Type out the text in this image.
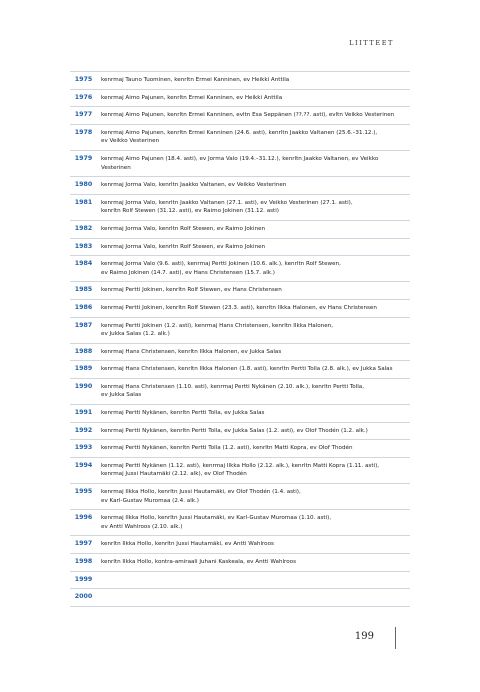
LIITTEET
1975	kenrmaj Tauno Tuominen, kenrltn Ermei Kanninen, ev Heikki Anttila
1976	kenrmaj Aimo Pajunen, kenrltn Ermei Kanninen, ev Heikki Anttila
1977	kenrmaj Aimo Pajunen, kenrltn Ermei Kanninen, evltn Esa Seppänen (??.??. asti), evltn Veikko Vesterinen
1978	kenrmaj Aimo Pajunen, kenrltn Ermei Kanninen (24.6. asti), kenrltn Jaakko Valtanen (25.6.–31.12.),
ev Veikko Vesterinen
1979	kenrmaj Aimo Pajunen (18.4. asti), ev Jorma Valo (19.4.–31.12.), kenrltn Jaakko Valtanen, ev Veikko
Vesterinen
1980	kenrmaj Jorma Valo, kenrltn Jaakko Valtanen, ev Veikko Vesterinen
1981	kenrmaj Jorma Valo, kenrltn Jaakko Valtanen (27.1. asti), ev Veikko Vesterinen (27.1. asti),
kenrltn Rolf Stewen (31.12. asti), ev Raimo Jokinen (31.12. asti)
1982	kenrmaj Jorma Valo, kenrltn Rolf Stewen, ev Raimo Jokinen
1983	kenrmaj Jorma Valo, kenrltn Rolf Stewen, ev Raimo Jokinen
1984	kenrmaj Jorma Valo (9.6. asti), kenrmaj Pertti Jokinen (10.6. alk.), kenrltn Rolf Stewen,
ev Raimo Jokinen (14.7. asti), ev Hans Christensen (15.7. alk.)
1985	kenrmaj Pertti Jokinen, kenrltn Rolf Stewen, ev Hans Christensen
1986	kenrmaj Pertti Jokinen, kenrltn Rolf Stewen (23.3. asti), kenrltn Ilkka Halonen, ev Hans Christensen
1987	kenrmaj Pertti Jokinen (1.2. asti), kenrmaj Hans Christensen, kenrltn Ilkka Halonen,
ev Jukka Salas (1.2. alk.)
1988	kenrmaj Hans Christensen, kenrltn Ilkka Halonen, ev Jukka Salas
1989	kenrmaj Hans Christensen, kenrltn Ilkka Halonen (1.8. asti), kenrltn Pertti Tolla (2.8. alk.), ev Jukka Salas
1990	kenrmaj Hans Christensen (1.10. asti), kenrmaj Pertti Nykänen (2.10. alk.), kenrltn Pertti Tolla,
ev Jukka Salas
1991	kenrmaj Pertti Nykänen, kenrltn Pertti Tolla, ev Jukka Salas
1992	kenrmaj Pertti Nykänen, kenrltn Pertti Tolla, ev Jukka Salas (1.2. asti), ev Olof Thodén (1.2. alk.)
1993	kenrmaj Pertti Nykänen, kenrltn Pertti Tolla (1.2. asti), kenrltn Matti Kopra, ev Olof Thodén
1994	kenrmaj Pertti Nykänen (1.12. asti), kenrmaj Ilkka Hollo (2.12. alk.), kenrltn Matti Kopra (1.11. asti),
kenrmaj Jussi Hautamäki (2.12. alk), ev Olof Thodén
1995	kenrmaj Ilkka Hollo, kenrltn Jussi Hautamäki, ev Olof Thodén (1.4. asti),
ev Karl-Gustav Muromaa (2.4. alk.)
1996	kenrmaj Ilkka Hollo, kenrltn Jussi Hautamäki, ev Karl-Gustav Muromaa (1.10. asti),
ev Antti Wahlroos (2.10. alk.)
1997	kenrltn Ilkka Hollo, kenrltn Jussi Hautamäki, ev Antti Wahlroos
1998	kenrltn Ilkka Hollo, kontra-amiraali Juhani Kaskeala, ev Antti Wahlroos
1999

2000

199
